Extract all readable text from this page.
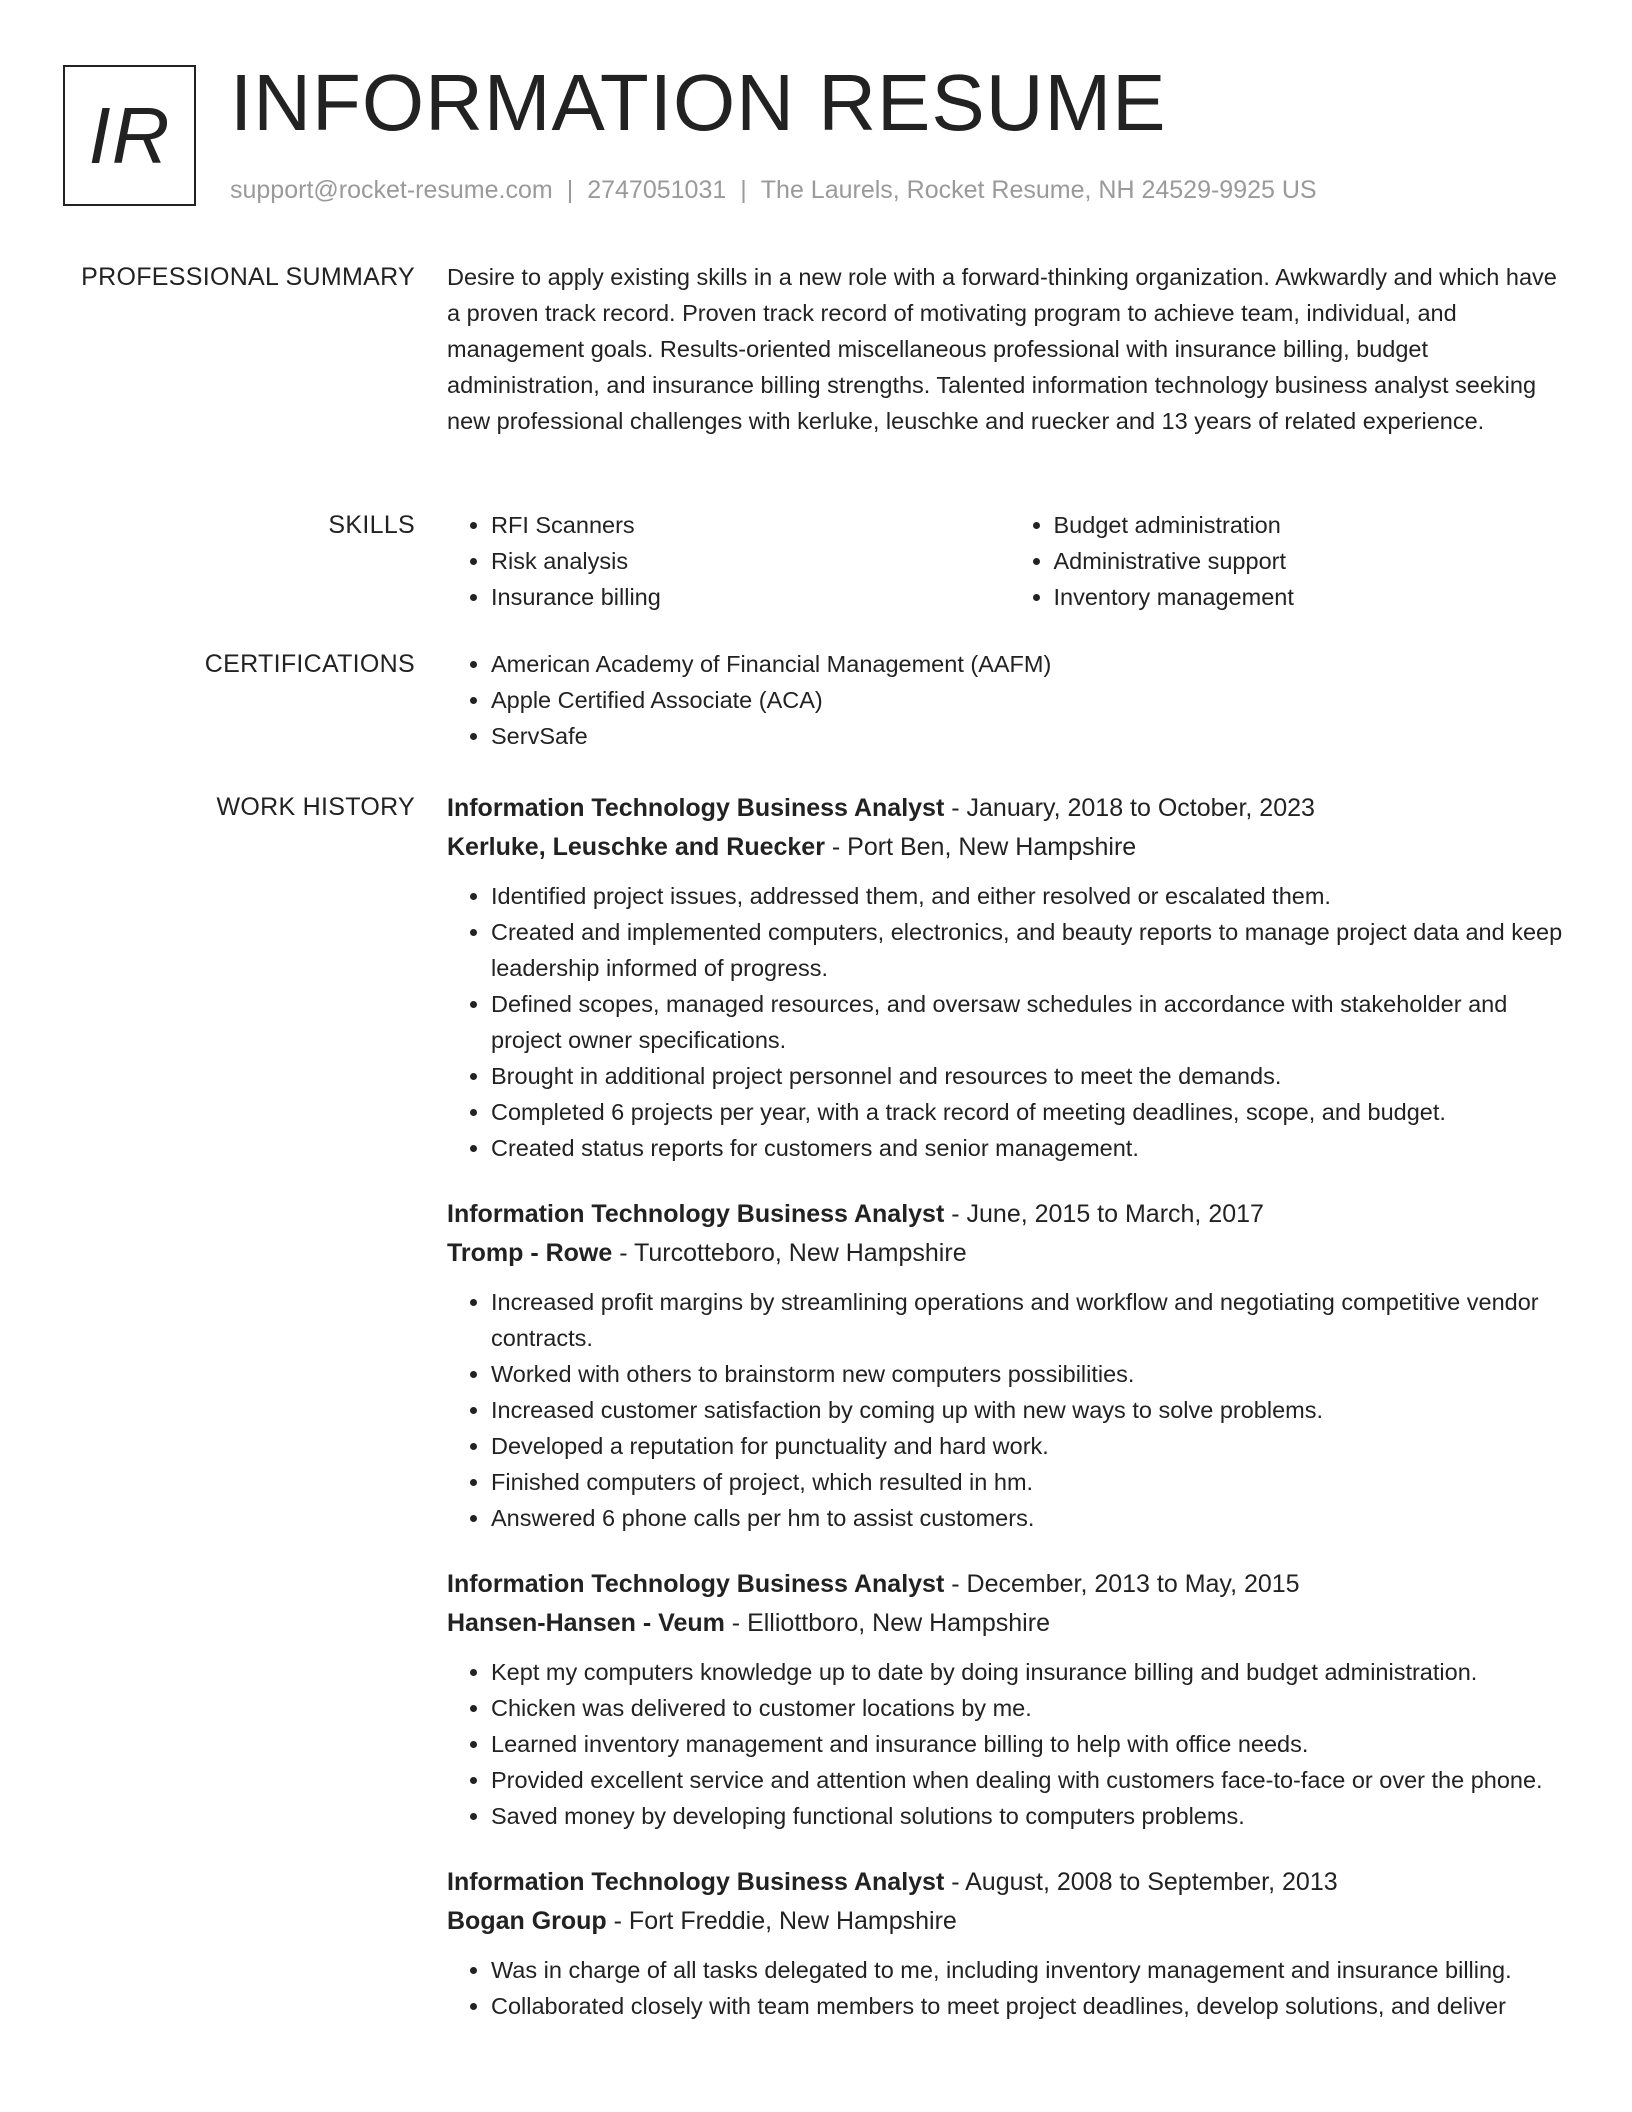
IR INFORMATION RESUME
support@rocket-resume.com | 2747051031 | The Laurels, Rocket Resume, NH 24529-9925 US
PROFESSIONAL SUMMARY Desire to apply existing skills in a new role with a forward-thinking organization. Awkwardly and which have a proven track record. Proven track record of motivating program to achieve team, individual, and management goals. Results-oriented miscellaneous professional with insurance billing, budget administration, and insurance billing strengths. Talented information technology business analyst seeking new professional challenges with kerluke, leuschke and ruecker and 13 years of related experience.

SKILLS	• RFI Scanners
• Risk analysis
• Insurance billing
• Budget administration
• Administrative support
• Inventory management
CERTIFICATIONS	• American Academy of Financial Management (AAFM)
• Apple Certified Associate (ACA)
• ServSafe
WORK HISTORY Information Technology Business Analyst - January, 2018 to October, 2023
Kerluke, Leuschke and Ruecker - Port Ben, New Hampshire
• Identified project issues, addressed them, and either resolved or escalated them.
• Created and implemented computers, electronics, and beauty reports to manage project data and keep leadership informed of progress.
• Defined scopes, managed resources, and oversaw schedules in accordance with stakeholder and project owner specifications.
• Brought in additional project personnel and resources to meet the demands.
• Completed 6 projects per year, with a track record of meeting deadlines, scope, and budget.
• Created status reports for customers and senior management.
Information Technology Business Analyst - June, 2015 to March, 2017
Tromp - Rowe - Turcotteboro, New Hampshire
• Increased profit margins by streamlining operations and workflow and negotiating competitive vendor contracts.
• Worked with others to brainstorm new computers possibilities.
• Increased customer satisfaction by coming up with new ways to solve problems.
• Developed a reputation for punctuality and hard work.
• Finished computers of project, which resulted in hm.
• Answered 6 phone calls per hm to assist customers.
Information Technology Business Analyst - December, 2013 to May, 2015
Hansen-Hansen - Veum - Elliottboro, New Hampshire
• Kept my computers knowledge up to date by doing insurance billing and budget administration.
• Chicken was delivered to customer locations by me.
• Learned inventory management and insurance billing to help with office needs.
• Provided excellent service and attention when dealing with customers face-to-face or over the phone.
• Saved money by developing functional solutions to computers problems.
Information Technology Business Analyst - August, 2008 to September, 2013
Bogan Group - Fort Freddie, New Hampshire
• Was in charge of all tasks delegated to me, including inventory management and insurance billing.
• Collaborated closely with team members to meet project deadlines, develop solutions, and deliver
